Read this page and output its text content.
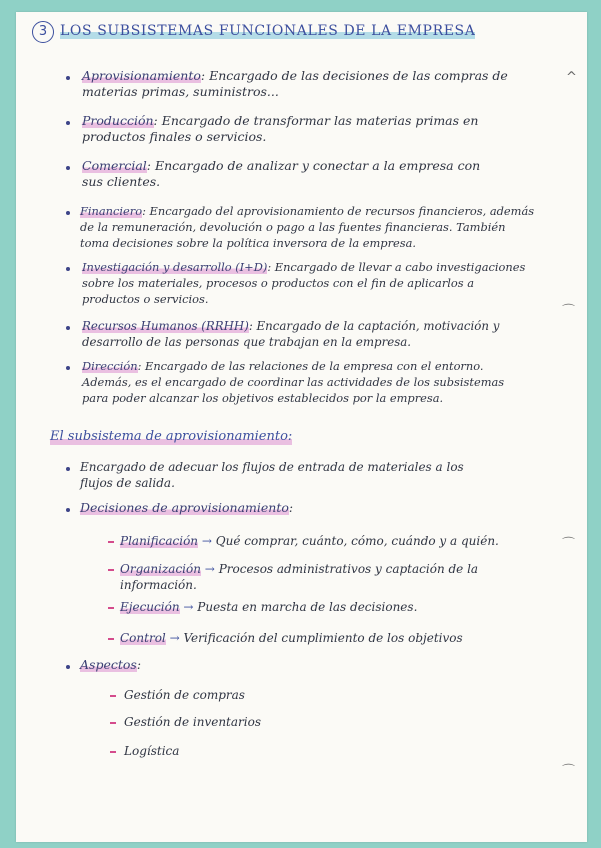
3 LOS SUBSISTEMAS FUNCIONALES DE LA EMPRESA
Aprovisionamiento: Encargado de las decisiones de las compras de
materias primas, suministros...
Producción: Encargado de transformar las materias primas en
productos finales o servicios.
Comercial: Encargado de analizar y conectar a la empresa con
sus clientes.
Financiero: Encargado del aprovisionamiento de recursos financieros, además
de la remuneración, devolución o pago a las fuentes financieras. También
toma decisiones sobre la política inversora de la empresa.
Investigación y desarrollo (I+D): Encargado de llevar a cabo investigaciones
sobre los materiales, procesos o productos con el fin de aplicarlos a
productos o servicios.
Recursos Humanos (RRHH): Encargado de la captación, motivación y
desarrollo de las personas que trabajan en la empresa.
Dirección: Encargado de las relaciones de la empresa con el entorno.
Además, es el encargado de coordinar las actividades de los subsistemas
para poder alcanzar los objetivos establecidos por la empresa.
El subsistema de aprovisionamiento:
Encargado de adecuar los flujos de entrada de materiales a los
flujos de salida.
Decisiones de aprovisionamiento:
Planificación → Qué comprar, cuánto, cómo, cuándo y a quién.
Organización → Procesos administrativos y captación de la
información.
Ejecución → Puesta en marcha de las decisiones.
Control → Verificación del cumplimiento de los objetivos
Aspectos:
Gestión de compras
Gestión de inventarios
Logística
^
⌒
⌒
⌒
